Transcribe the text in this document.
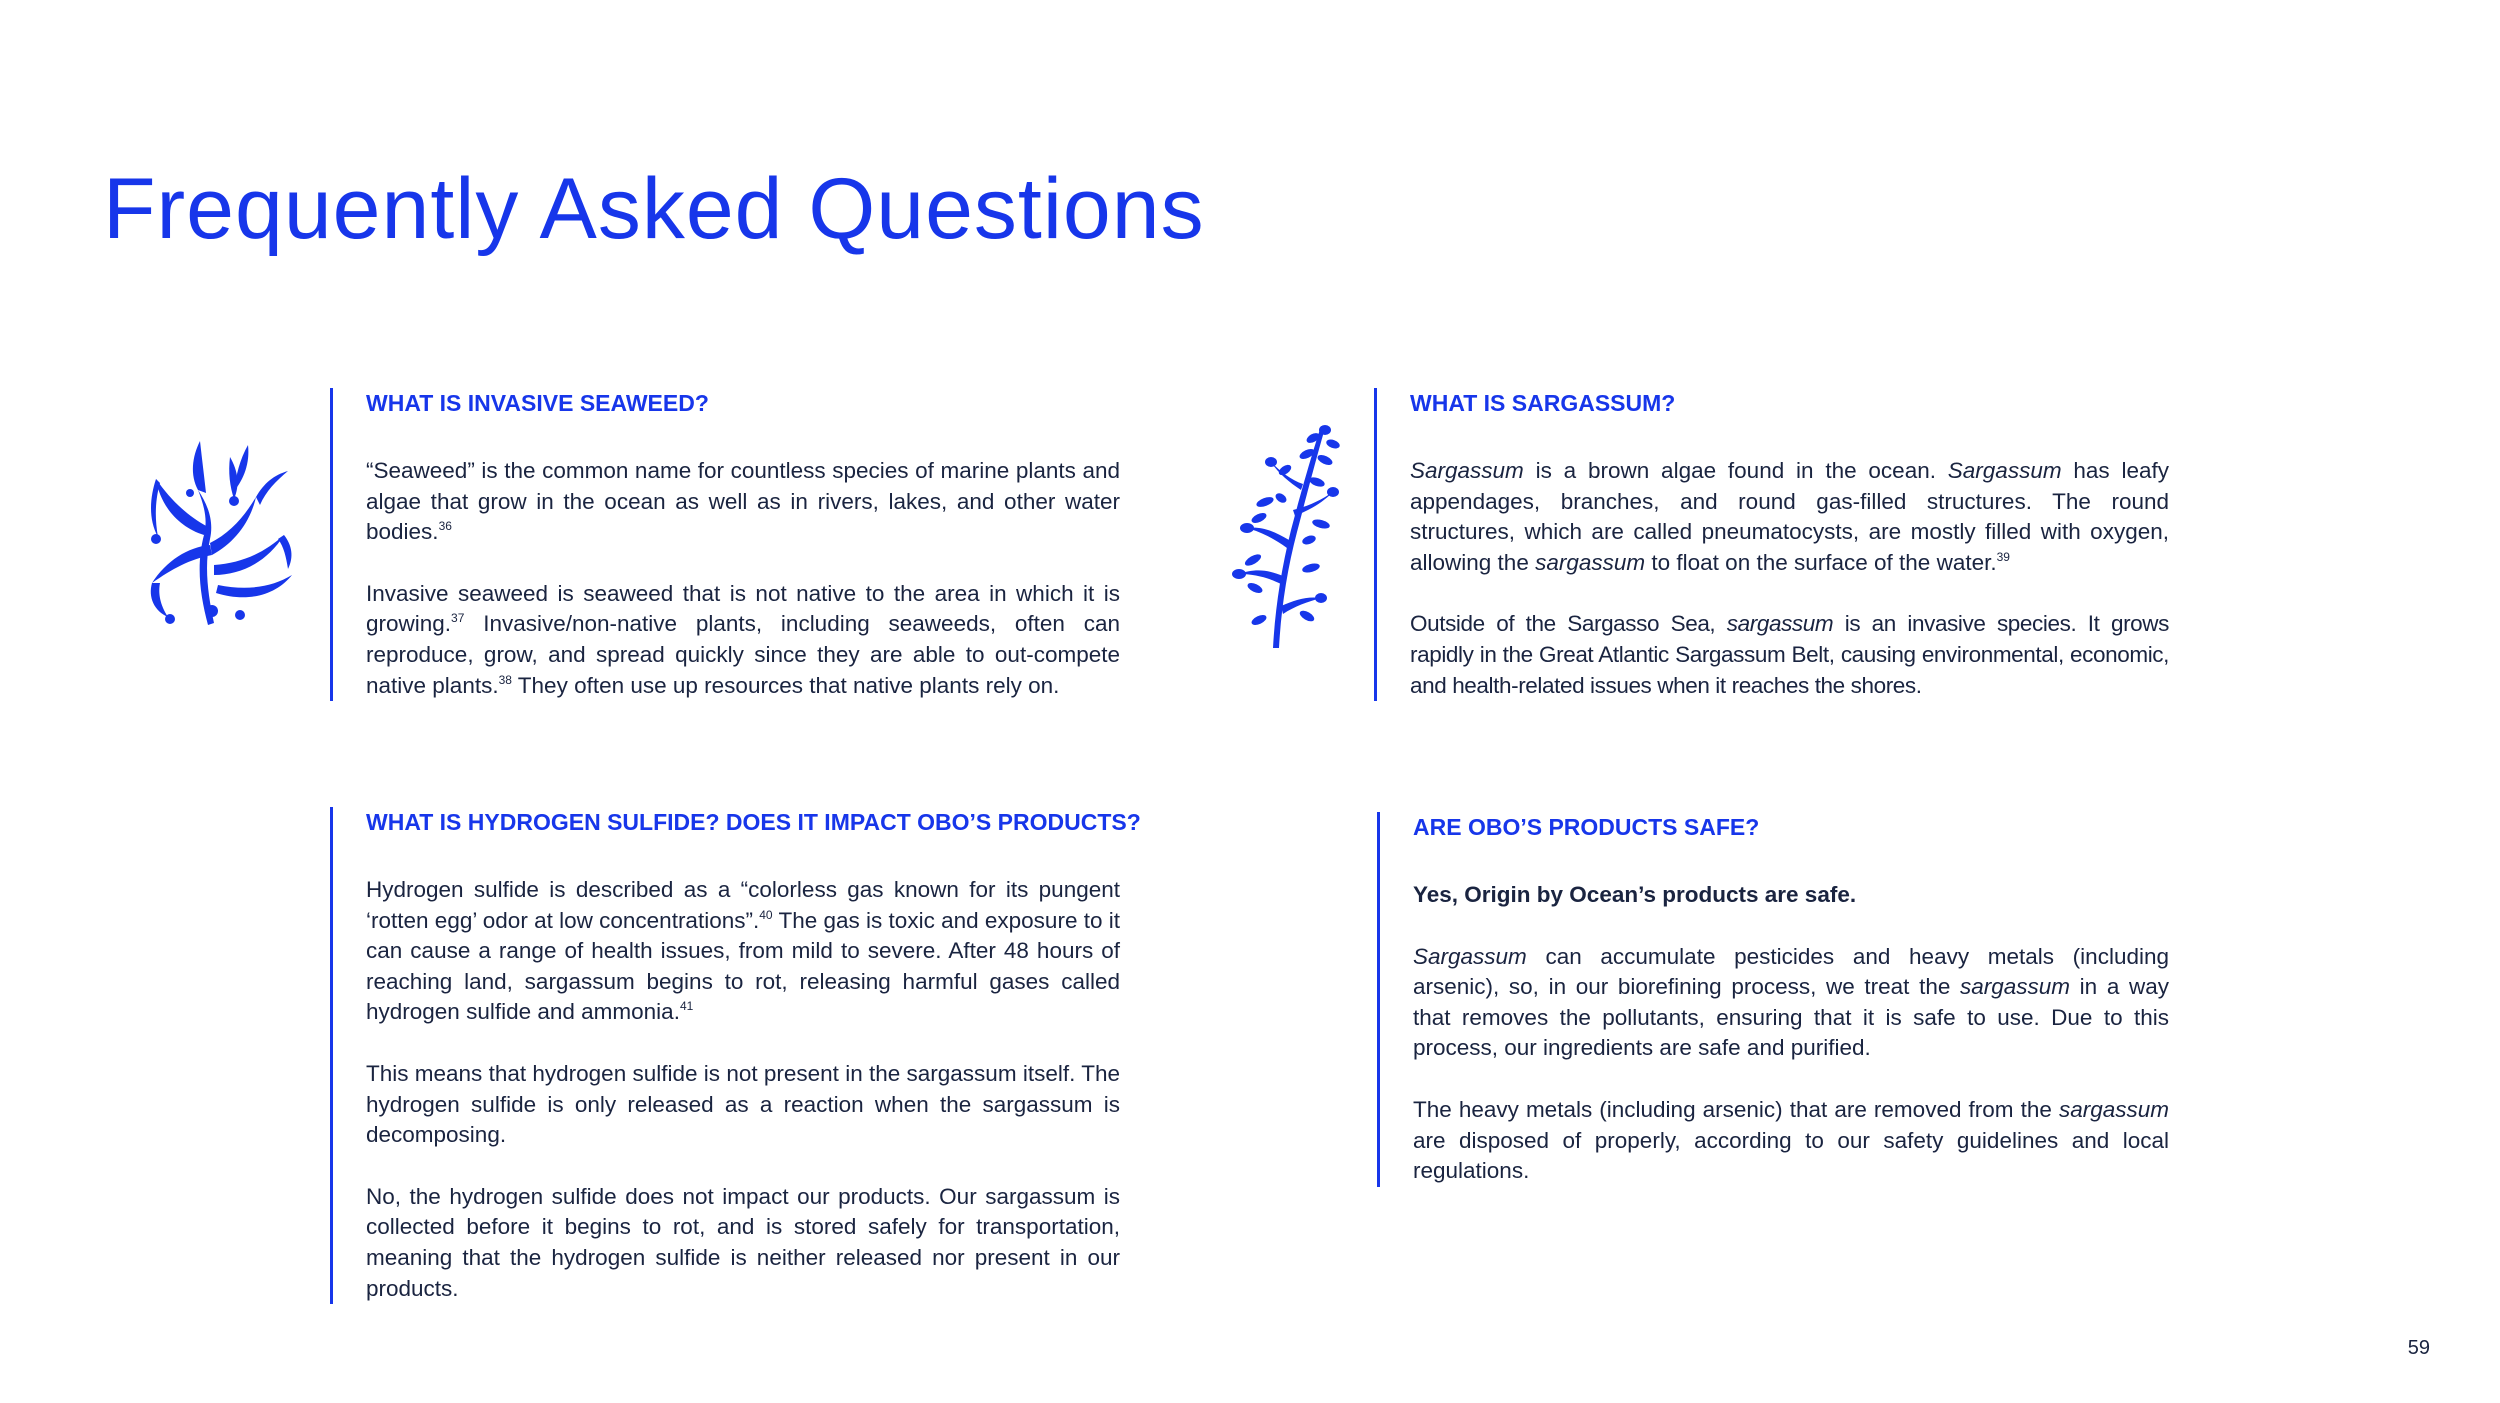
Frequently Asked Questions
WHAT IS INVASIVE SEAWEED?

“Seaweed” is the common name for countless species of marine plants and algae that grow in the ocean as well as in rivers, lakes, and other water bodies.$^{36}$

Invasive seaweed is seaweed that is not native to the area in which it is growing.$^{37}$ Invasive/non-native plants, including seaweeds, often can reproduce, grow, and spread quickly since they are able to out-compete native plants.$^{38}$ They often use up resources that native plants rely on.

WHAT IS SARGASSUM?

Sargassum is a brown algae found in the ocean. Sargassum has leafy appendages, branches, and round gas-filled structures. The round structures, which are called pneumatocysts, are mostly filled with oxygen, allowing the sargassum to float on the surface of the water.$^{39}$

Outside of the Sargasso Sea, sargassum is an invasive species. It grows rapidly in the Great Atlantic Sargassum Belt, causing environmental, economic, and health-related issues when it reaches the shores.

WHAT IS HYDROGEN SULFIDE? DOES IT IMPACT OBO’S PRODUCTS?

Hydrogen sulfide is described as a “colorless gas known for its pungent ‘rotten egg’ odor at low concentrations”.$^{40}$ The gas is toxic and exposure to it can cause a range of health issues, from mild to severe. After 48 hours of reaching land, sargassum begins to rot, releasing harmful gases called hydrogen sulfide and ammonia.$^{41}$

This means that hydrogen sulfide is not present in the sargassum itself. The hydrogen sulfide is only released as a reaction when the sargassum is decomposing.

No, the hydrogen sulfide does not impact our products. Our sargassum is collected before it begins to rot, and is stored safely for transportation, meaning that the hydrogen sulfide is neither released nor present in our products.

ARE OBO’S PRODUCTS SAFE?

Yes, Origin by Ocean’s products are safe.

Sargassum can accumulate pesticides and heavy metals (including arsenic), so, in our biorefining process, we treat the sargassum in a way that removes the pollutants, ensuring that it is safe to use. Due to this process, our ingredients are safe and purified.

The heavy metals (including arsenic) that are removed from the sargassum are disposed of properly, according to our safety guidelines and local regulations.

59
